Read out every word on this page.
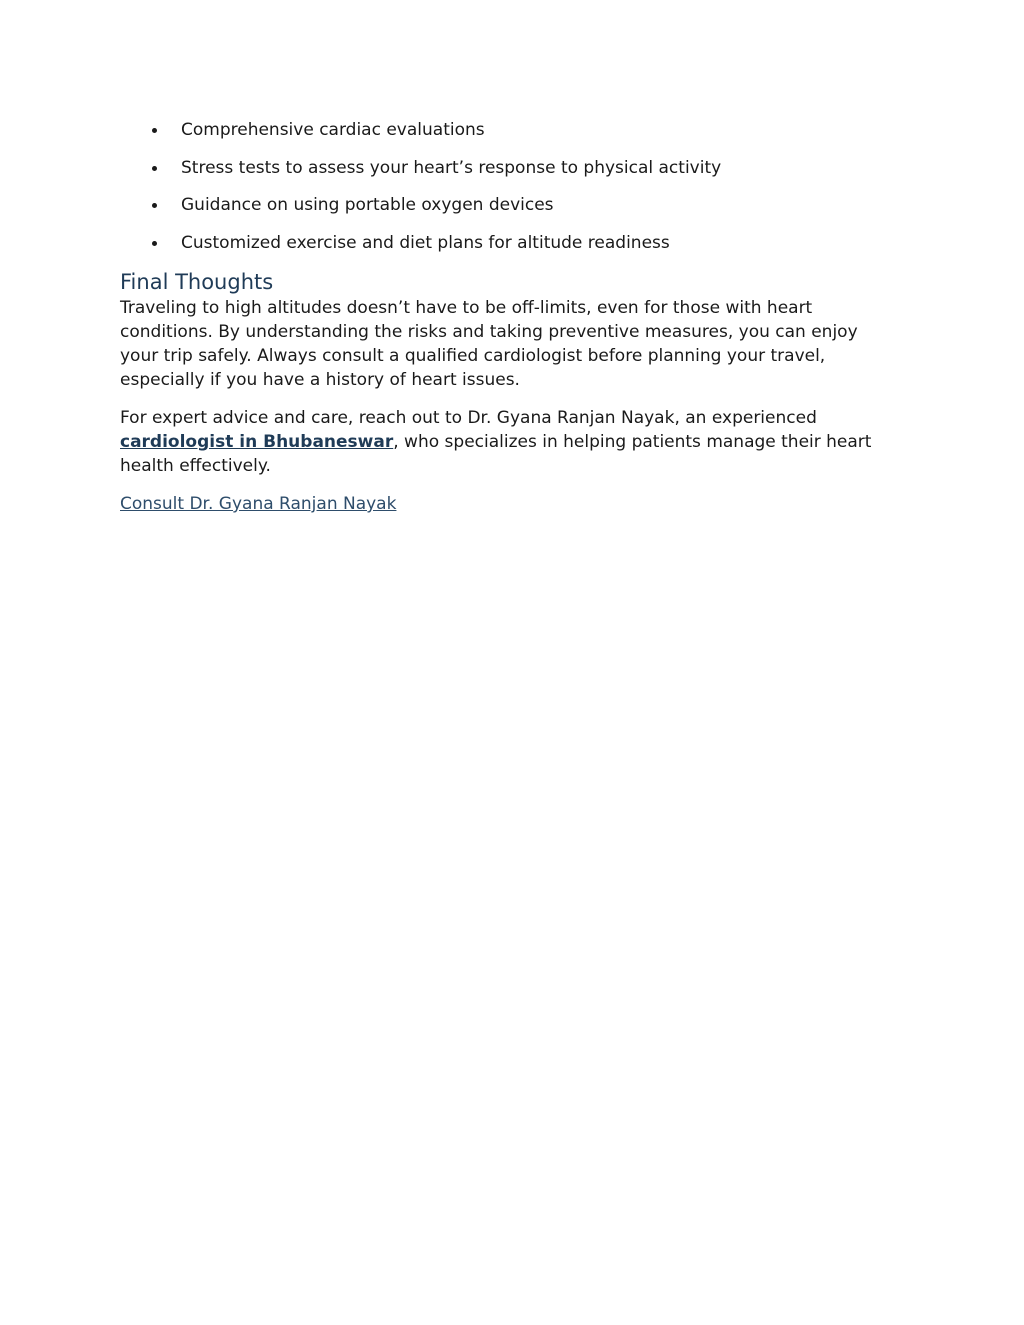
Comprehensive cardiac evaluations
Stress tests to assess your heart’s response to physical activity
Guidance on using portable oxygen devices
Customized exercise and diet plans for altitude readiness
Final Thoughts

Traveling to high altitudes doesn’t have to be off-limits, even for those with heart conditions. By understanding the risks and taking preventive measures, you can enjoy your trip safely. Always consult a qualified cardiologist before planning your travel, especially if you have a history of heart issues.

For expert advice and care, reach out to Dr. Gyana Ranjan Nayak, an experienced cardiologist in Bhubaneswar, who specializes in helping patients manage their heart health effectively.

Consult Dr. Gyana Ranjan Nayak
